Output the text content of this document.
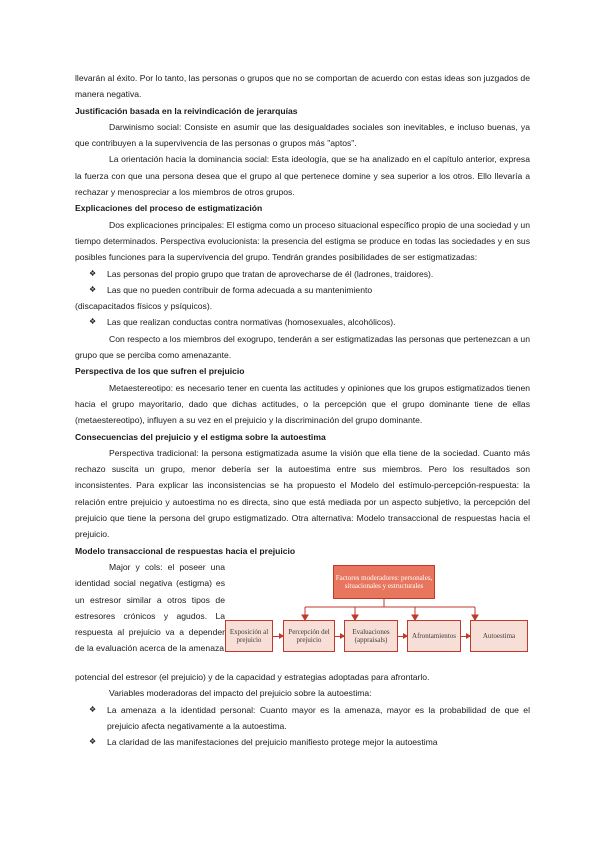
llevarán al éxito. Por lo tanto, las personas o grupos que no se comportan de acuerdo con estas ideas son juzgados de manera negativa.

Justificación basada en la reivindicación de jerarquías

Darwinismo social: Consiste en asumir que las desigualdades sociales son inevitables, e incluso buenas, ya que contribuyen a la supervivencia de las personas o grupos más "aptos".

La orientación hacia la dominancia social: Esta ideología, que se ha analizado en el capítulo anterior, expresa la fuerza con que una persona desea que el grupo al que pertenece domine y sea superior a los otros. Ello llevaría a rechazar y menospreciar a los miembros de otros grupos.

Explicaciones del proceso de estigmatización

Dos explicaciones principales: El estigma como un proceso situacional específico propio de una sociedad y un tiempo determinados. Perspectiva evolucionista: la presencia del estigma se produce en todas las sociedades y en sus posibles funciones para la supervivencia del grupo. Tendrán grandes posibilidades de ser estigmatizadas:

❖ Las personas del propio grupo que tratan de aprovecharse de él (ladrones, traidores).

❖ Las que no pueden contribuir de forma adecuada a su mantenimiento

(discapacitados físicos y psíquicos).

❖ Las que realizan conductas contra normativas (homosexuales, alcohólicos).

Con respecto a los miembros del exogrupo, tenderán a ser estigmatizadas las personas que pertenezcan a un grupo que se perciba como amenazante.

Perspectiva de los que sufren el prejuicio

Metaestereotipo: es necesario tener en cuenta las actitudes y opiniones que los grupos estigmatizados tienen hacia el grupo mayoritario, dado que dichas actitudes, o la percepción que el grupo dominante tiene de ellas (metaestereotipo), influyen a su vez en el prejuicio y la discriminación del grupo dominante.

Consecuencias del prejuicio y el estigma sobre la autoestima

Perspectiva tradicional: la persona estigmatizada asume la visión que ella tiene de la sociedad. Cuanto más rechazo suscita un grupo, menor debería ser la autoestima entre sus miembros. Pero los resultados son inconsistentes. Para explicar las inconsistencias se ha propuesto el Modelo del estímulo-percepción-respuesta: la relación entre prejuicio y autoestima no es directa, sino que está mediada por un aspecto subjetivo, la percepción del prejuicio que tiene la persona del grupo estigmatizado. Otra alternativa: Modelo transaccional de respuestas hacia el prejuicio.

Modelo transaccional de respuestas hacia el prejuicio

Major y cols: el poseer una identidad social negativa (estigma) es un estresor similar a otros tipos de estresores crónicos y agudos. La respuesta al prejuicio va a depender de la evaluación acerca de la amenaza

Factores moderadores: personales, situacionales y estructurales
Exposición al prejuicio
Percepción del prejuicio
Evaluaciones (appraisals)	Afrontamientos	Autoestima

potencial del estresor (el prejuicio) y de la capacidad y estrategias adoptadas para afrontarlo.

Variables moderadoras del impacto del prejuicio sobre la autoestima:

❖ La amenaza a la identidad personal: Cuanto mayor es la amenaza, mayor es la probabilidad de que el prejuicio afecta negativamente a la autoestima.

❖ La claridad de las manifestaciones del prejuicio manifiesto protege mejor la autoestima
